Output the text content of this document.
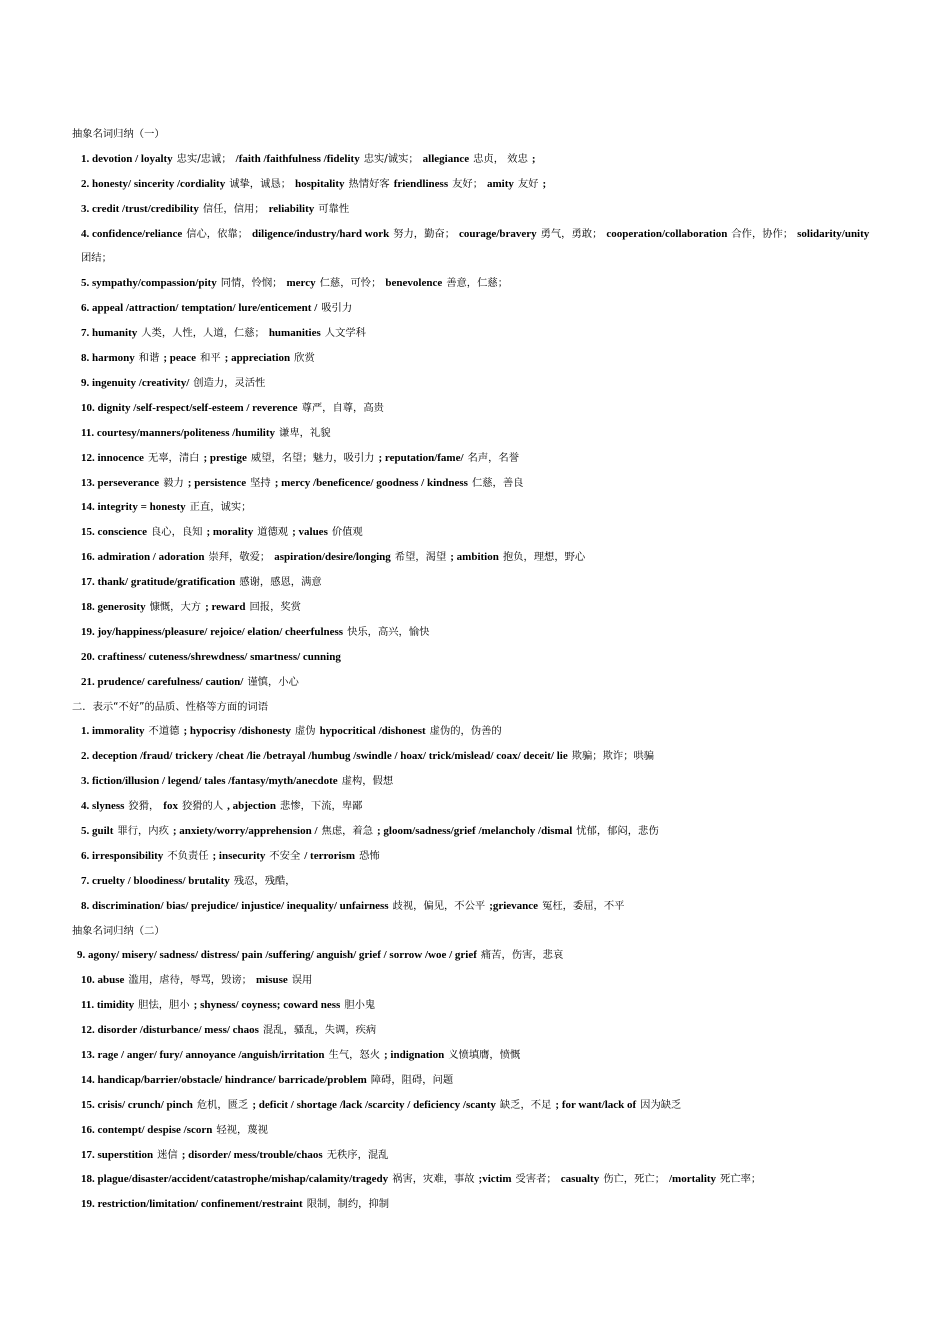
抽象名词归纳（一）
1. devotion / loyalty 忠实/忠诚； /faith /faithfulness /fidelity 忠实/诚实； allegiance 忠贞， 效忠 ;
2. honesty/ sincerity /cordiality 诚挚，诚恳； hospitality 热情好客 friendliness 友好； amity 友好 ;
3. credit /trust/credibility 信任，信用； reliability 可靠性
4. confidence/reliance 信心，依靠； diligence/industry/hard work 努力，勤奋； courage/bravery 勇气，勇敢； cooperation/collaboration 合作，协作； solidarity/unity团结；
5. sympathy/compassion/pity 同情，怜悯； mercy 仁慈，可怜； benevolence 善意，仁慈；
6. appeal /attraction/ temptation/ lure/enticement / 吸引力
7. humanity 人类，人性，人道，仁慈； humanities 人文学科
8. harmony 和谐 ; peace 和平 ; appreciation 欣赏
9. ingenuity /creativity/ 创造力，灵活性
10. dignity /self-respect/self-esteem / reverence 尊严，自尊，高贵
11. courtesy/manners/politeness /humility 谦卑，礼貌
12. innocence 无辜，清白 ; prestige 威望，名望；魅力，吸引力 ; reputation/fame/ 名声，名誉
13. perseverance 毅力 ; persistence 坚持 ; mercy /beneficence/ goodness / kindness 仁慈，善良
14. integrity = honesty 正直，诚实；
15. conscience 良心，良知 ; morality 道德观 ; values 价值观
16. admiration / adoration 崇拜，敬爱； aspiration/desire/longing 希望，渴望 ; ambition 抱负，理想，野心
17. thank/ gratitude/gratification 感谢，感恩，满意
18. generosity 慷慨，大方 ; reward 回报，奖赏
19. joy/happiness/pleasure/ rejoice/ elation/ cheerfulness 快乐，高兴，愉快
20. craftiness/ cuteness/shrewdness/ smartness/ cunning
21. prudence/ carefulness/ caution/ 谨慎，小心
二．表示“不好”的品质、性格等方面的词语
1. immorality 不道德 ; hypocrisy /dishonesty 虚伪 hypocritical /dishonest 虚伪的，伪善的
2. deception /fraud/ trickery /cheat /lie /betrayal /humbug /swindle / hoax/ trick/mislead/ coax/ deceit/ lie 欺骗；欺诈；哄骗
3. fiction/illusion / legend/ tales /fantasy/myth/anecdote 虚构，假想
4. slyness 狡猾， fox 狡猾的人 , abjection 悲惨，下流，卑鄙
5. guilt 罪行，内疚 ; anxiety/worry/apprehension / 焦虑，着急 ; gloom/sadness/grief /melancholy /dismal 忧郁，郁闷，悲伤
6. irresponsibility 不负责任 ; insecurity 不安全 / terrorism 恐怖
7. cruelty / bloodiness/ brutality 残忍，残酷，
8. discrimination/ bias/ prejudice/ injustice/ inequality/ unfairness 歧视，偏见，不公平 ;grievance 冤枉，委屈，不平
抽象名词归纳（二）
9. agony/ misery/ sadness/ distress/ pain /suffering/ anguish/ grief / sorrow /woe / grief 痛苦，伤害，悲哀
10. abuse 滥用，虐待，辱骂，毁谤； misuse 误用
11. timidity 胆怯，胆小 ; shyness/ coyness; coward ness 胆小鬼
12. disorder /disturbance/ mess/ chaos 混乱，骚乱，失调，疾病
13. rage / anger/ fury/ annoyance /anguish/irritation 生气，怒火 ; indignation 义愤填膺，愤慨
14. handicap/barrier/obstacle/ hindrance/ barricade/problem 障碍，阻碍，问题
15. crisis/ crunch/ pinch 危机，匮乏 ; deficit / shortage /lack /scarcity / deficiency /scanty 缺乏，不足 ; for want/lack of 因为缺乏
16. contempt/ despise /scorn 轻视，蔑视
17. superstition 迷信 ; disorder/ mess/trouble/chaos 无秩序，混乱
18. plague/disaster/accident/catastrophe/mishap/calamity/tragedy 祸害，灾难，事故 ;victim 受害者； casualty 伤亡，死亡； /mortality 死亡率；
19. restriction/limitation/ confinement/restraint 限制，制约，抑制
